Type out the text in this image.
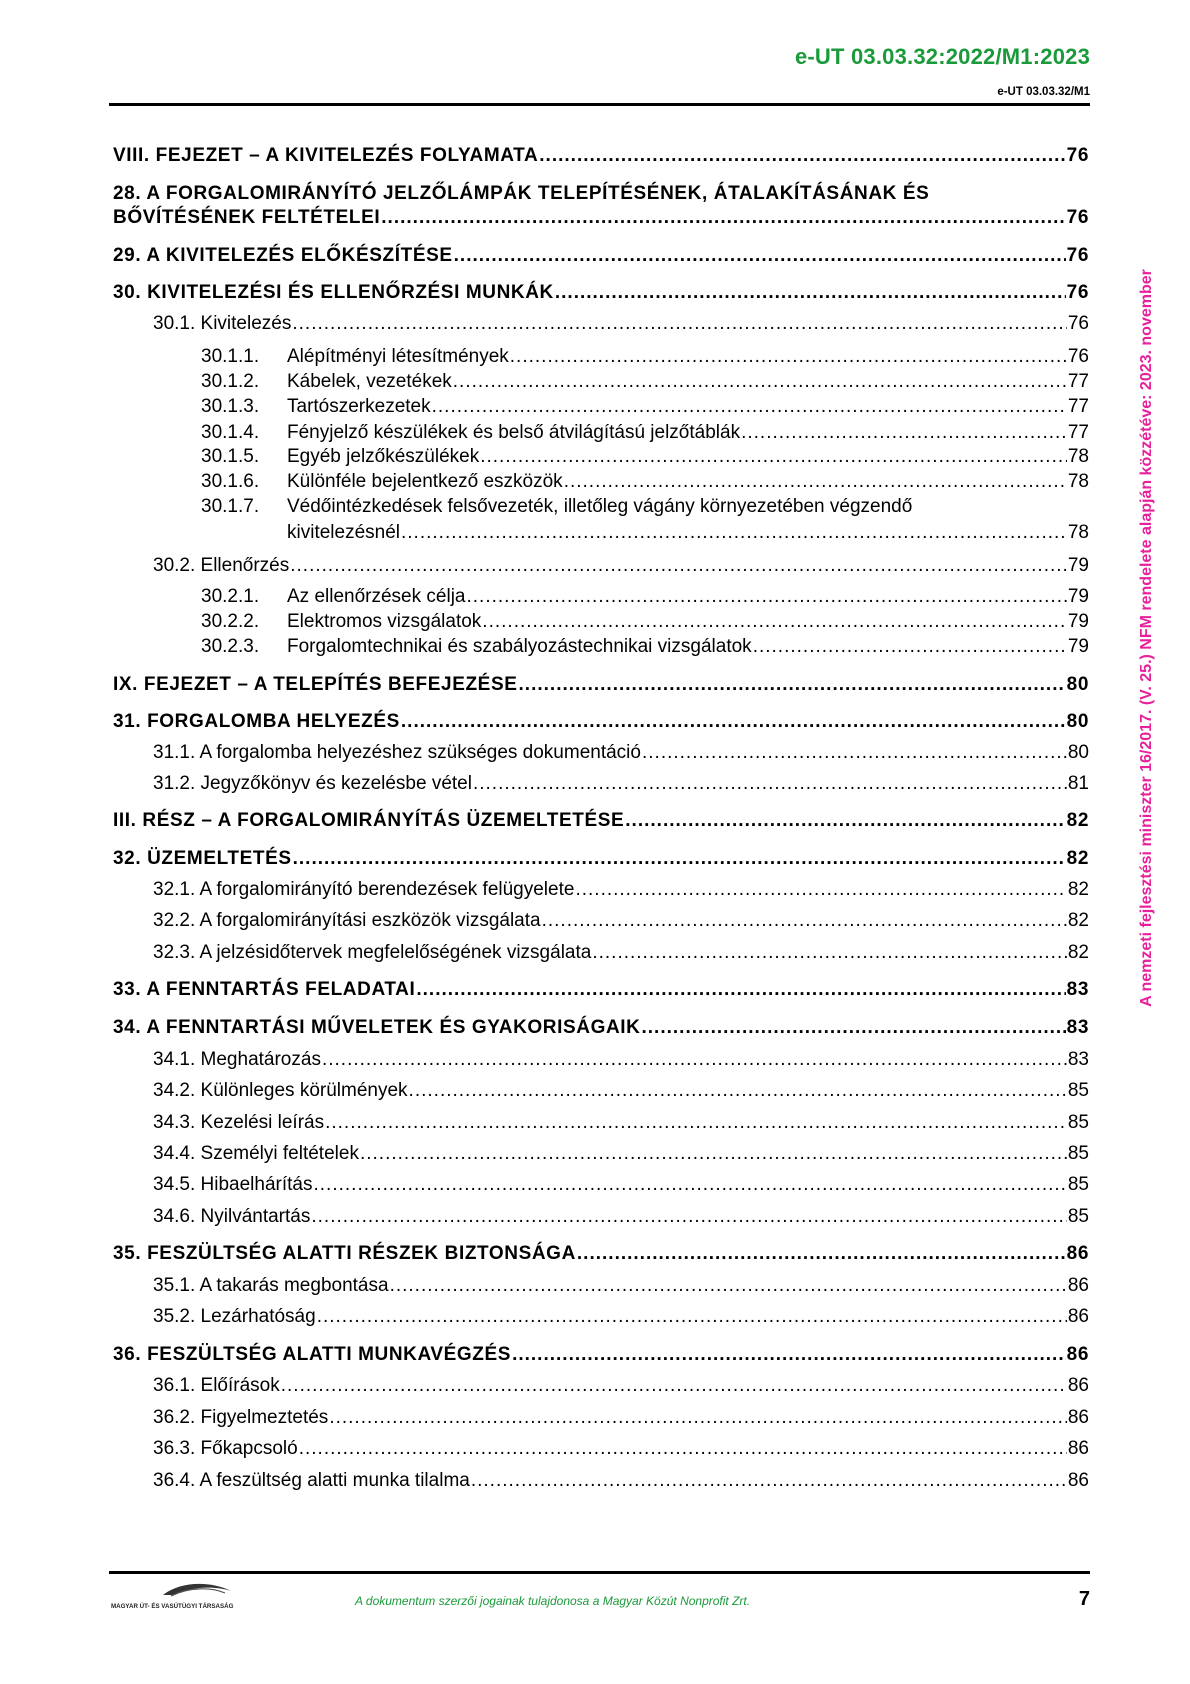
e-UT 03.03.32:2022/M1:2023
e-UT 03.03.32/M1
A nemzeti fejlesztési miniszter 16/2017. (V. 25.) NFM rendelete alapján közzétéve: 2023. november
VIII. FEJEZET – A KIVITELEZÉS FOLYAMATA .....	76
28. A FORGALOMIRÁNYÍTÓ JELZŐLÁMPÁK TELEPÍTÉSÉNEK, ÁTALAKÍTÁSÁNAK ÉS
BŐVÍTÉSÉNEK FELTÉTELEI .....	76
29. A KIVITELEZÉS ELŐKÉSZÍTÉSE .....	76
30. KIVITELEZÉSI ÉS ELLENŐRZÉSI MUNKÁK .....	76
30.1. Kivitelezés .....	76
30.1.1. Alépítményi létesítmények .....	76
30.1.2. Kábelek, vezetékek .....	77
30.1.3. Tartószerkezetek .....	77
30.1.4. Fényjelző készülékek és belső átvilágítású jelzőtáblák .....	77
30.1.5. Egyéb jelzőkészülékek .....	78
30.1.6. Különféle bejelentkező eszközök .....	78
30.1.7. Védőintézkedések felsővezeték, illetőleg vágány környezetében végzendő
kivitelezésnél .....	78
30.2. Ellenőrzés .....	79
30.2.1. Az ellenőrzések célja .....	79
30.2.2. Elektromos vizsgálatok .....	79
30.2.3. Forgalomtechnikai és szabályozástechnikai vizsgálatok .....	79
IX. FEJEZET – A TELEPÍTÉS BEFEJEZÉSE .....	80
31. FORGALOMBA HELYEZÉS .....	80
31.1. A forgalomba helyezéshez szükséges dokumentáció .....	80
31.2. Jegyzőkönyv és kezelésbe vétel .....	81
III. RÉSZ – A FORGALOMIRÁNYÍTÁS ÜZEMELTETÉSE .....	82
32. ÜZEMELTETÉS .....	82
32.1. A forgalomirányító berendezések felügyelete .....	82
32.2. A forgalomirányítási eszközök vizsgálata .....	82
32.3. A jelzésidőtervek megfelelőségének vizsgálata .....	82
33. A FENNTARTÁS FELADATAI .....	83
34. A FENNTARTÁSI MŰVELETEK ÉS GYAKORISÁGAIK .....	83
34.1. Meghatározás .....	83
34.2. Különleges körülmények .....	85
34.3. Kezelési leírás .....	85
34.4. Személyi feltételek .....	85
34.5. Hibaelhárítás .....	85
34.6. Nyilvántartás .....	85
35. FESZÜLTSÉG ALATTI RÉSZEK BIZTONSÁGA .....	86
35.1. A takarás megbontása .....	86
35.2. Lezárhatóság .....	86
36. FESZÜLTSÉG ALATTI MUNKAVÉGZÉS .....	86
36.1. Előírások .....	86
36.2. Figyelmeztetés .....	86
36.3. Főkapcsoló .....	86
36.4. A feszültség alatti munka tilalma .....	86
MAGYAR ÚT- ÉS VASÚTÜGYI TÁRSASÁG	A dokumentum szerzői jogainak tulajdonosa a Magyar Közút Nonprofit Zrt.	7
